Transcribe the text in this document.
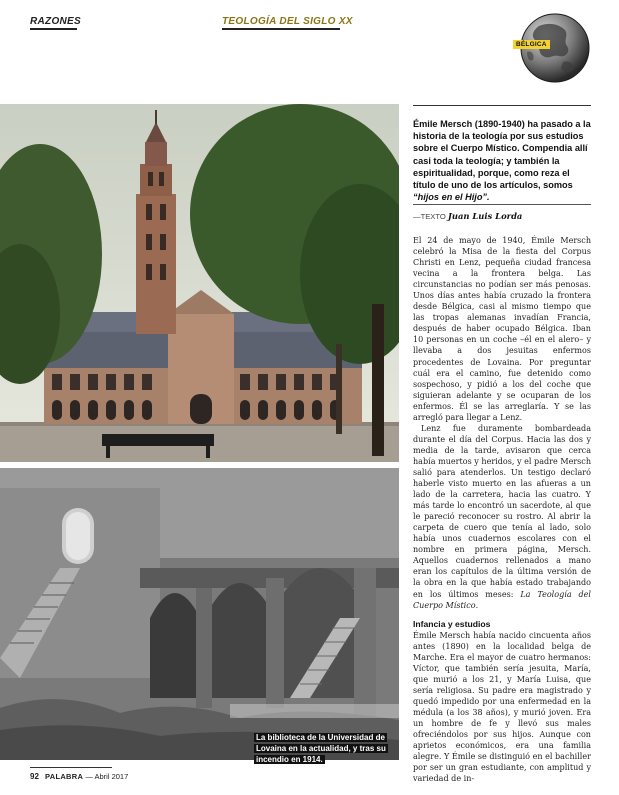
RAZONES	TEOLOGÍA DEL SIGLO XX
BÉLGICA
La biblioteca de la Universidad de Lovaina en la actualidad, y tras su incendio en 1914.
Émile Mersch (1890-1940) ha pasado a la historia de la teología por sus estudios sobre el Cuerpo Místico. Compendia allí casi toda la teología; y también la espiritualidad, porque, como reza el título de uno de los artículos, somos “hijos en el Hijo”.
—TEXTO Juan Luis Lorda

El 24 de mayo de 1940, Émile Mersch celebró la Misa de la fiesta del Corpus Christi en Lenz, pequeña ciudad francesa vecina a la frontera belga. Las circunstancias no podían ser más penosas. Unos días antes había cruzado la frontera desde Bélgica, casi al mismo tiempo que las tropas alemanas invadían Francia, después de haber ocupado Bélgica. Iban 10 personas en un coche –él en el alero– y llevaba a dos jesuitas enfermos procedentes de Lovaina. Por preguntar cuál era el camino, fue detenido como sospechoso, y pidió a los del coche que siguieran adelante y se ocuparan de los enfermos. Él se las arreglaría. Y se las arregló para llegar a Lenz.

Lenz fue duramente bombardeada durante el día del Corpus. Hacia las dos y media de la tarde, avisaron que cerca había muertos y heridos, y el padre Mersch salió para atenderlos. Un testigo declaró haberle visto muerto en las afueras a un lado de la carretera, hacia las cuatro. Y más tarde lo encontró un sacerdote, al que le pareció reconocer su rostro. Al abrir la carpeta de cuero que tenía al lado, solo había unos cuadernos escolares con el nombre en primera página, Mersch. Aquellos cuadernos rellenados a mano eran los capítulos de la última versión de la obra en la que había estado trabajando en los últimos meses: La Teología del Cuerpo Místico.

Infancia y estudios

Émile Mersch había nacido cincuenta años antes (1890) en la localidad belga de Marche. Era el mayor de cuatro hermanos: Víctor, que también sería jesuita, María, que murió a los 21, y María Luisa, que sería religiosa. Su padre era magistrado y quedó impedido por una enfermedad en la médula (a los 38 años), y murió joven. Era un hombre de fe y llevó sus males ofreciéndolos por sus hijos. Aunque con aprietos económicos, era una familia alegre. Y Émile se distinguió en el bachiller por ser un gran estudiante, con amplitud y variedad de in-

92 PALABRA — Abril 2017
